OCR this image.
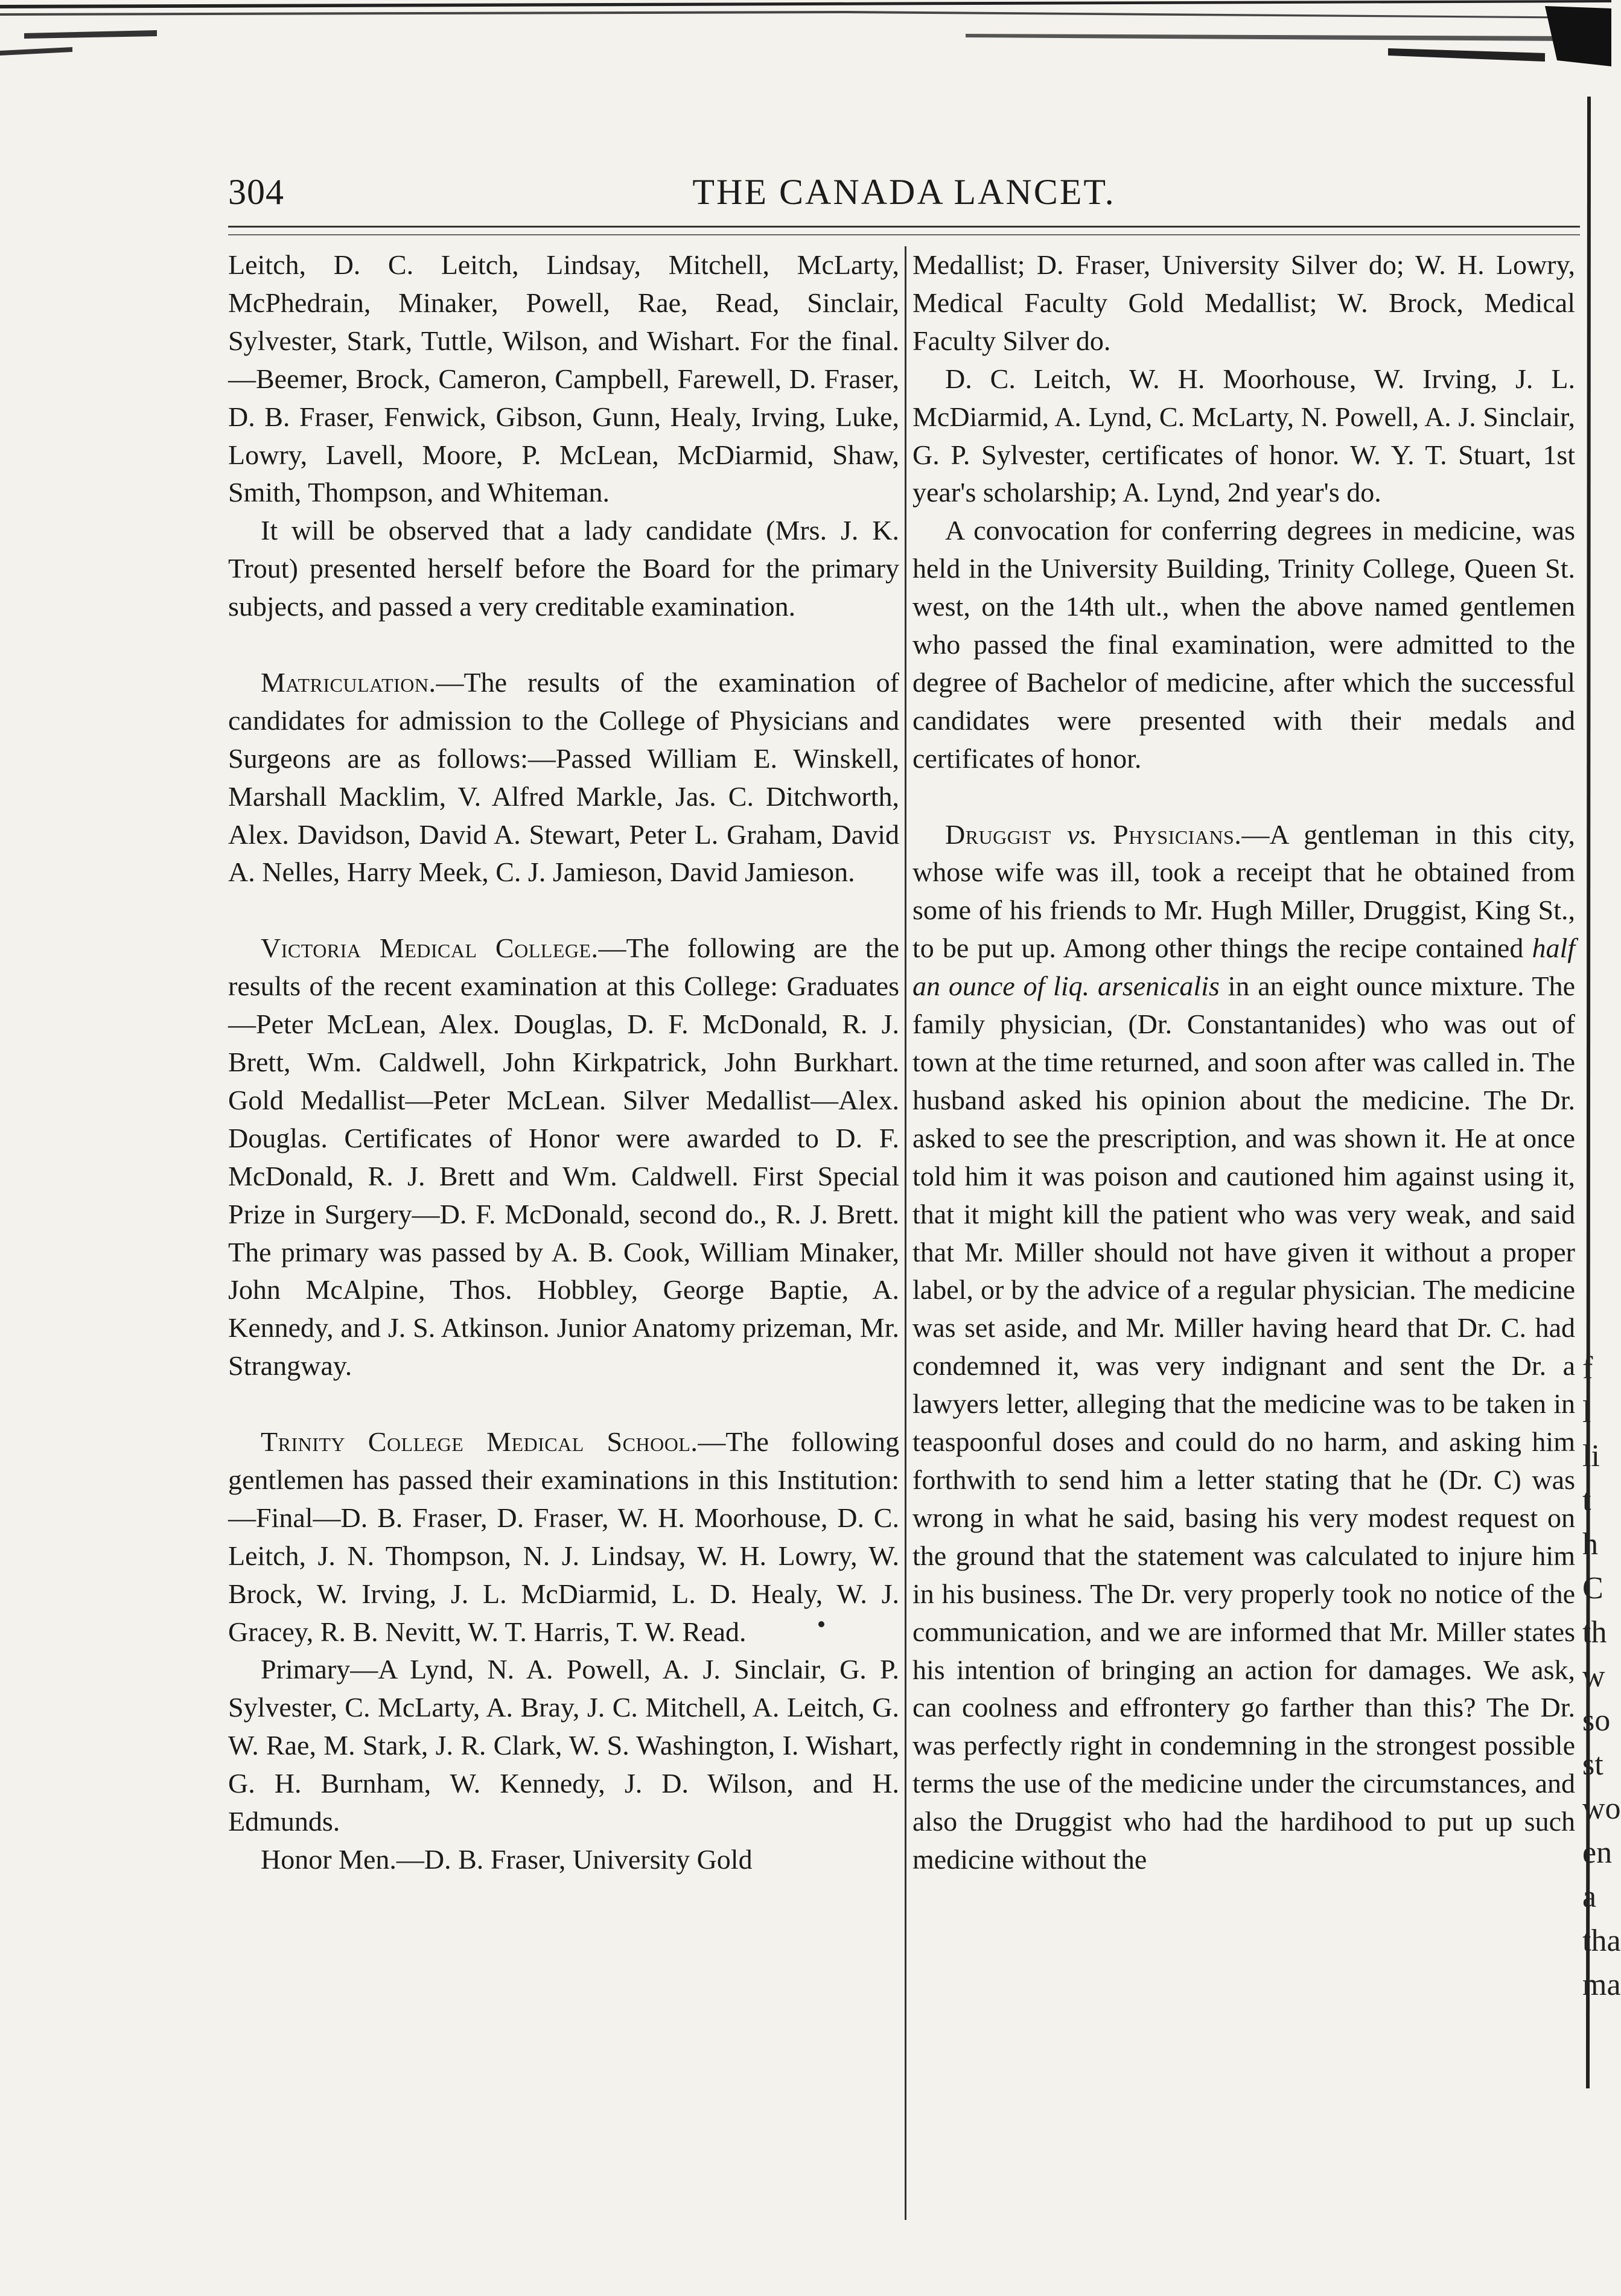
f
l
li
t
h
C
th
w
so
st
wo
en
a
tha
ma
304	THE CANADA LANCET.

Leitch, D. C. Leitch, Lindsay, Mitchell, McLarty, McPhedrain, Minaker, Powell, Rae, Read, Sinclair, Sylvester, Stark, Tuttle, Wilson, and Wishart. For the final.—Beemer, Brock, Cameron, Campbell, Farewell, D. Fraser, D. B. Fraser, Fenwick, Gibson, Gunn, Healy, Irving, Luke, Lowry, Lavell, Moore, P. McLean, McDiarmid, Shaw, Smith, Thompson, and Whiteman.

It will be observed that a lady candidate (Mrs. J. K. Trout) presented herself before the Board for the primary subjects, and passed a very creditable examination.

Matriculation.—The results of the examination of candidates for admission to the College of Physicians and Surgeons are as follows:—Passed William E. Winskell, Marshall Macklim, V. Alfred Markle, Jas. C. Ditchworth, Alex. Davidson, David A. Stewart, Peter L. Graham, David A. Nelles, Harry Meek, C. J. Jamieson, David Jamieson.

Victoria Medical College.—The following are the results of the recent examination at this College: Graduates—Peter McLean, Alex. Douglas, D. F. McDonald, R. J. Brett, Wm. Caldwell, John Kirkpatrick, John Burkhart. Gold Medallist—Peter McLean. Silver Medallist—Alex. Douglas. Certificates of Honor were awarded to D. F. McDonald, R. J. Brett and Wm. Caldwell. First Special Prize in Surgery—D. F. McDonald, second do., R. J. Brett. The primary was passed by A. B. Cook, William Minaker, John McAlpine, Thos. Hobbley, George Baptie, A. Kennedy, and J. S. Atkinson. Junior Anatomy prizeman, Mr. Strangway.

Trinity College Medical School.—The following gentlemen has passed their examinations in this Institution:—Final—D. B. Fraser, D. Fraser, W. H. Moorhouse, D. C. Leitch, J. N. Thompson, N. J. Lindsay, W. H. Lowry, W. Brock, W. Irving, J. L. McDiarmid, L. D. Healy, W. J. Gracey, R. B. Nevitt, W. T. Harris, T. W. Read.

Primary—A Lynd, N. A. Powell, A. J. Sinclair, G. P. Sylvester, C. McLarty, A. Bray, J. C. Mitchell, A. Leitch, G. W. Rae, M. Stark, J. R. Clark, W. S. Washington, I. Wishart, G. H. Burnham, W. Kennedy, J. D. Wilson, and H. Edmunds.

Honor Men.—D. B. Fraser, University Gold

Medallist; D. Fraser, University Silver do; W. H. Lowry, Medical Faculty Gold Medallist; W. Brock, Medical Faculty Silver do.

D. C. Leitch, W. H. Moorhouse, W. Irving, J. L. McDiarmid, A. Lynd, C. McLarty, N. Powell, A. J. Sinclair, G. P. Sylvester, certificates of honor. W. Y. T. Stuart, 1st year's scholarship; A. Lynd, 2nd year's do.

A convocation for conferring degrees in medicine, was held in the University Building, Trinity College, Queen St. west, on the 14th ult., when the above named gentlemen who passed the final examination, were admitted to the degree of Bachelor of medicine, after which the successful candidates were presented with their medals and certificates of honor.

Druggist vs. Physicians.—A gentleman in this city, whose wife was ill, took a receipt that he obtained from some of his friends to Mr. Hugh Miller, Druggist, King St., to be put up. Among other things the recipe contained half an ounce of liq. arsenicalis in an eight ounce mixture. The family physician, (Dr. Constantanides) who was out of town at the time returned, and soon after was called in. The husband asked his opinion about the medicine. The Dr. asked to see the prescription, and was shown it. He at once told him it was poison and cautioned him against using it, that it might kill the patient who was very weak, and said that Mr. Miller should not have given it without a proper label, or by the advice of a regular physician. The medicine was set aside, and Mr. Miller having heard that Dr. C. had condemned it, was very indignant and sent the Dr. a lawyers letter, alleging that the medicine was to be taken in teaspoonful doses and could do no harm, and asking him forthwith to send him a letter stating that he (Dr. C) was wrong in what he said, basing his very modest request on the ground that the statement was calculated to injure him in his business. The Dr. very properly took no notice of the communication, and we are informed that Mr. Miller states his intention of bringing an action for damages. We ask, can coolness and effrontery go farther than this? The Dr. was perfectly right in condemning in the strongest possible terms the use of the medicine under the circumstances, and also the Druggist who had the hardihood to put up such medicine without the
